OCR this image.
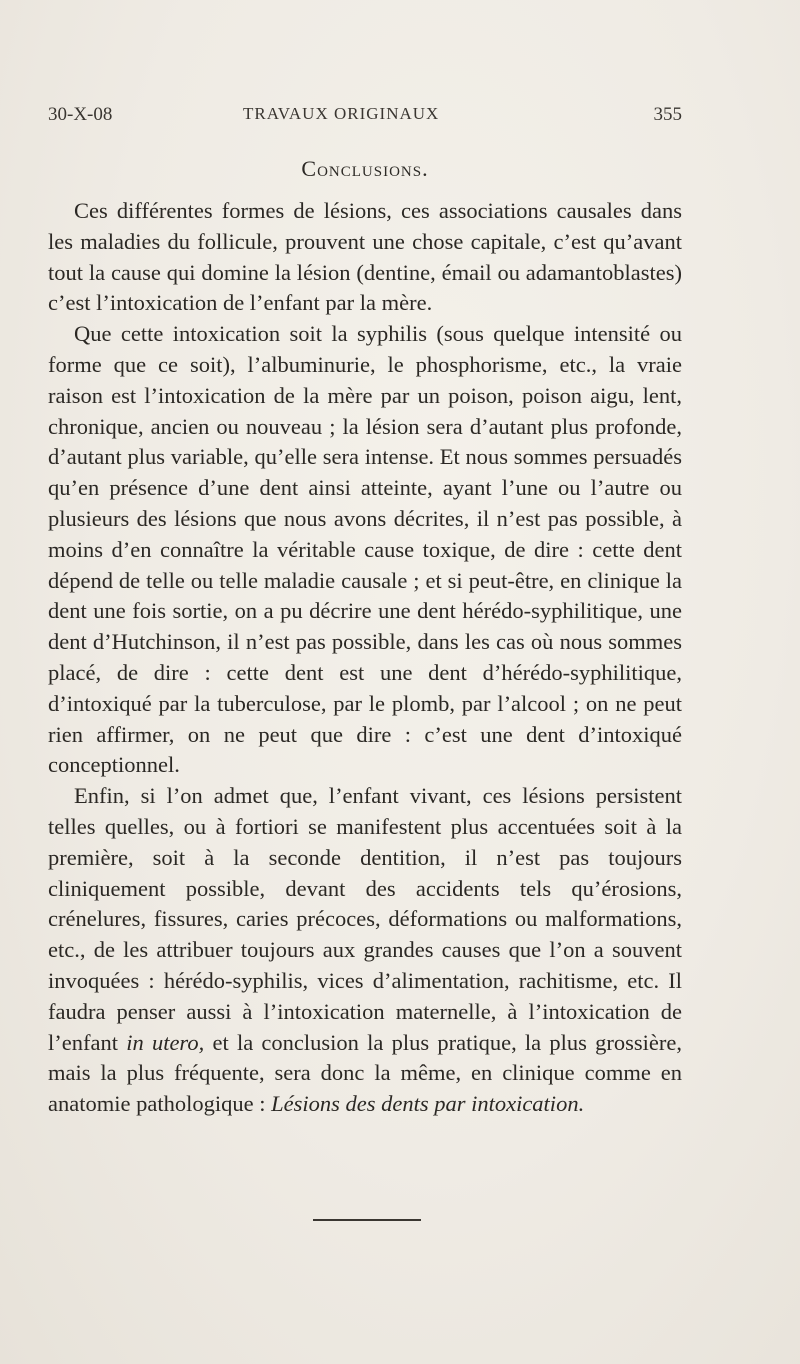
30-X-08	TRAVAUX ORIGINAUX	355
Conclusions.

Ces différentes formes de lésions, ces associations causales dans les maladies du follicule, prouvent une chose capitale, c’est qu’avant tout la cause qui domine la lésion (dentine, émail ou adamantoblastes) c’est l’intoxication de l’enfant par la mère.

Que cette intoxication soit la syphilis (sous quelque intensité ou forme que ce soit), l’albuminurie, le phosphorisme, etc., la vraie raison est l’intoxication de la mère par un poison, poison aigu, lent, chronique, ancien ou nouveau ; la lésion sera d’autant plus profonde, d’autant plus variable, qu’elle sera intense. Et nous sommes persuadés qu’en présence d’une dent ainsi atteinte, ayant l’une ou l’autre ou plusieurs des lésions que nous avons décrites, il n’est pas possible, à moins d’en connaître la véritable cause toxique, de dire : cette dent dépend de telle ou telle maladie causale ; et si peut-être, en clinique la dent une fois sortie, on a pu décrire une dent hérédo-syphilitique, une dent d’Hutchinson, il n’est pas possible, dans les cas où nous sommes placé, de dire : cette dent est une dent d’hérédo-syphilitique, d’intoxiqué par la tuberculose, par le plomb, par l’alcool ; on ne peut rien affirmer, on ne peut que dire : c’est une dent d’intoxiqué conceptionnel.

Enfin, si l’on admet que, l’enfant vivant, ces lésions persistent telles quelles, ou à fortiori se manifestent plus accentuées soit à la première, soit à la seconde dentition, il n’est pas toujours cliniquement possible, devant des accidents tels qu’érosions, crénelures, fissures, caries précoces, déformations ou malformations, etc., de les attribuer toujours aux grandes causes que l’on a souvent invoquées : hérédo-syphilis, vices d’alimentation, rachitisme, etc. Il faudra penser aussi à l’intoxication maternelle, à l’intoxication de l’enfant in utero, et la conclusion la plus pratique, la plus grossière, mais la plus fréquente, sera donc la même, en clinique comme en anatomie pathologique : Lésions des dents par intoxication.
